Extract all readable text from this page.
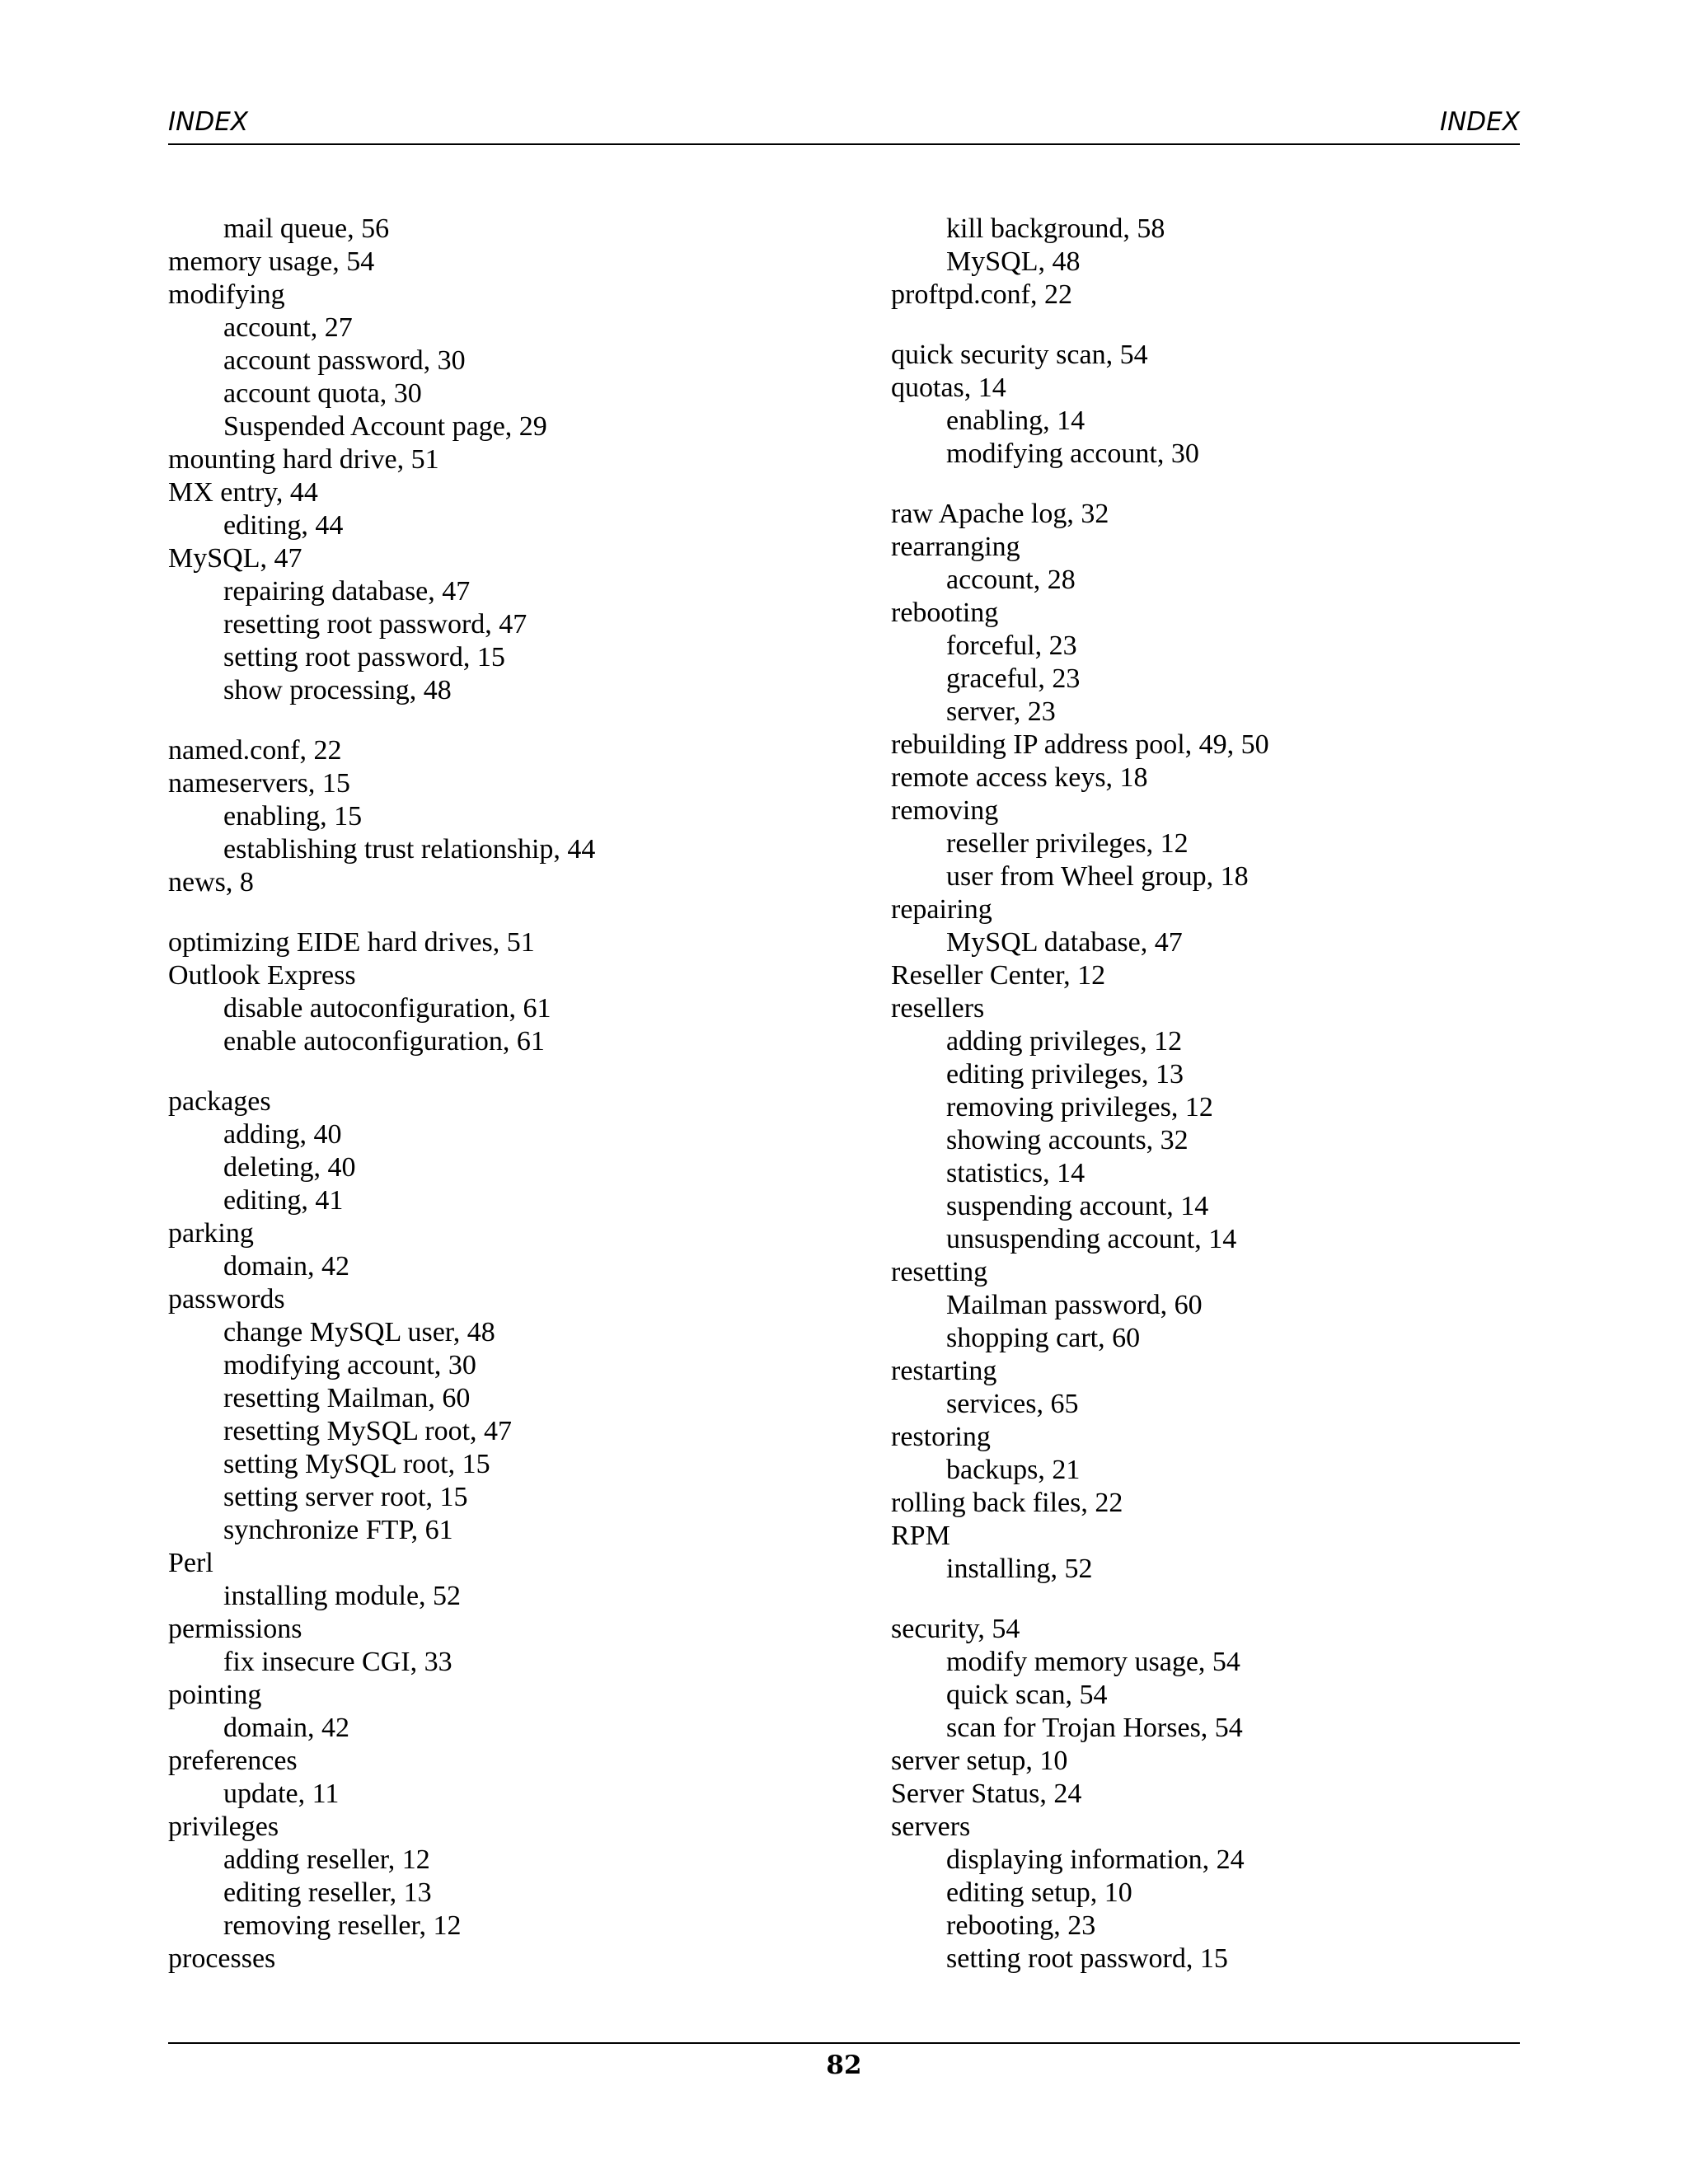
INDEX	INDEX
mail queue, 56
memory usage, 54
modifying
account, 27
account password, 30
account quota, 30
Suspended Account page, 29
mounting hard drive, 51
MX entry, 44
editing, 44
MySQL, 47
repairing database, 47
resetting root password, 47
setting root password, 15
show processing, 48
named.conf, 22
nameservers, 15
enabling, 15
establishing trust relationship, 44
news, 8
optimizing EIDE hard drives, 51
Outlook Express
disable autoconfiguration, 61
enable autoconfiguration, 61
packages
adding, 40
deleting, 40
editing, 41
parking
domain, 42
passwords
change MySQL user, 48
modifying account, 30
resetting Mailman, 60
resetting MySQL root, 47
setting MySQL root, 15
setting server root, 15
synchronize FTP, 61
Perl
installing module, 52
permissions
fix insecure CGI, 33
pointing
domain, 42
preferences
update, 11
privileges
adding reseller, 12
editing reseller, 13
removing reseller, 12
processes
kill background, 58
MySQL, 48
proftpd.conf, 22
quick security scan, 54
quotas, 14
enabling, 14
modifying account, 30
raw Apache log, 32
rearranging
account, 28
rebooting
forceful, 23
graceful, 23
server, 23
rebuilding IP address pool, 49, 50
remote access keys, 18
removing
reseller privileges, 12
user from Wheel group, 18
repairing
MySQL database, 47
Reseller Center, 12
resellers
adding privileges, 12
editing privileges, 13
removing privileges, 12
showing accounts, 32
statistics, 14
suspending account, 14
unsuspending account, 14
resetting
Mailman password, 60
shopping cart, 60
restarting
services, 65
restoring
backups, 21
rolling back files, 22
RPM
installing, 52
security, 54
modify memory usage, 54
quick scan, 54
scan for Trojan Horses, 54
server setup, 10
Server Status, 24
servers
displaying information, 24
editing setup, 10
rebooting, 23
setting root password, 15
82
